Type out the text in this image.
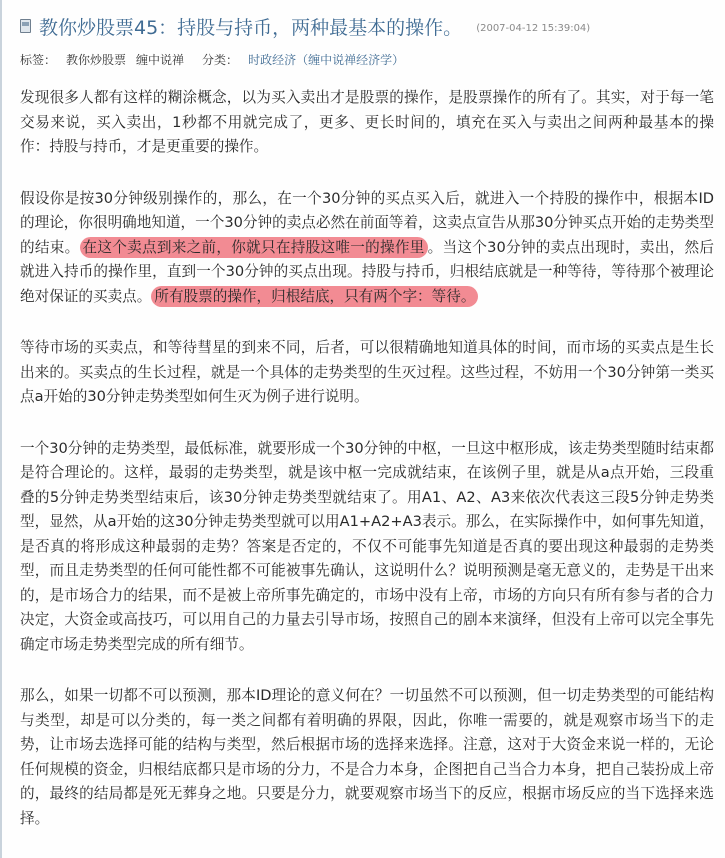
教你炒股票45：持股与持币，两种最基本的操作。 (2007-04-12 15:39:04)
标签： 教你炒股票 缠中说禅 分类： 时政经济（缠中说禅经济学）

发现很多人都有这样的糊涂概念，以为买入卖出才是股票的操作，是股票操作的所有了。其实，对于每一笔交易来说，买入卖出，1秒都不用就完成了，更多、更长时间的，填充在买入与卖出之间两种最基本的操作：持股与持币，才是更重要的操作。

假设你是按30分钟级别操作的，那么，在一个30分钟的买点买入后，就进入一个持股的操作中，根据本ID的理论，你很明确地知道，一个30分钟的卖点必然在前面等着，这卖点宣告从那30分钟买点开始的走势类型的结束。 在这个卖点到来之前，你就只在持股这唯一的操作里 。当这个30分钟的卖点出现时，卖出，然后就进入持币的操作里，直到一个30分钟的买点出现。持股与持币，归根结底就是一种等待，等待那个被理论绝对保证的买卖点。 所有股票的操作，归根结底，只有两个字：等待。

等待市场的买卖点，和等待彗星的到来不同，后者，可以很精确地知道具体的时间，而市场的买卖点是生长出来的。买卖点的生长过程，就是一个具体的走势类型的生灭过程。这些过程，不妨用一个30分钟第一类买点a开始的30分钟走势类型如何生灭为例子进行说明。

一个30分钟的走势类型，最低标准，就要形成一个30分钟的中枢，一旦这中枢形成，该走势类型随时结束都是符合理论的。这样，最弱的走势类型，就是该中枢一完成就结束，在该例子里，就是从a点开始，三段重叠的5分钟走势类型结束后，该30分钟走势类型就结束了。用A1、A2、A3来依次代表这三段5分钟走势类型，显然，从a开始的这30分钟走势类型就可以用A1+A2+A3表示。那么，在实际操作中，如何事先知道，是否真的将形成这种最弱的走势？答案是否定的，不仅不可能事先知道是否真的要出现这种最弱的走势类型，而且走势类型的任何可能性都不可能被事先确认，这说明什么？说明预测是毫无意义的，走势是干出来的，是市场合力的结果，而不是被上帝所事先确定的，市场中没有上帝，市场的方向只有所有参与者的合力决定，大资金或高技巧，可以用自己的力量去引导市场，按照自己的剧本来演绎，但没有上帝可以完全事先确定市场走势类型完成的所有细节。

那么，如果一切都不可以预测，那本ID理论的意义何在？一切虽然不可以预测，但一切走势类型的可能结构与类型，却是可以分类的，每一类之间都有着明确的界限，因此，你唯一需要的，就是观察市场当下的走势，让市场去选择可能的结构与类型，然后根据市场的选择来选择。注意，这对于大资金来说一样的，无论任何规模的资金，归根结底都只是市场的分力，不是合力本身，企图把自己当合力本身，把自己装扮成上帝的，最终的结局都是死无葬身之地。只要是分力，就要观察市场当下的反应，根据市场反应的当下选择来选择。
